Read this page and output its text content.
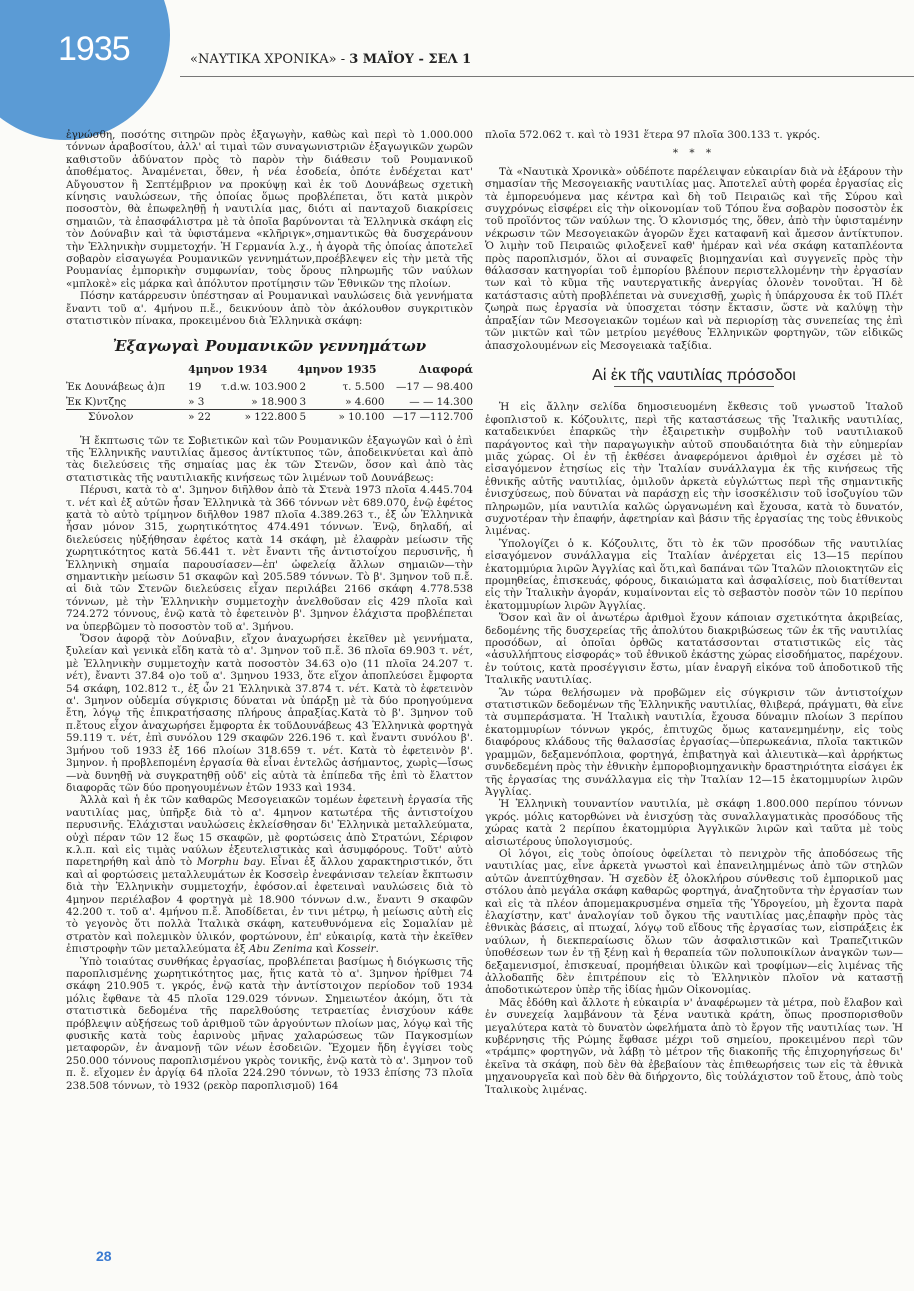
1935	«ΝΑΥΤΙΚΑ ΧΡΟΝΙΚΑ» - 3 ΜΑΪΟΥ - ΣΕΛ 1

ἐγνώσθη, ποσότης σιτηρῶν πρὸς ἐξαγωγὴν, καθὼς καὶ περὶ τὸ 1.000.000 τόννων ἀραβοσίτου, ἀλλ' αἱ τιμαὶ τῶν συναγωνιστριῶν ἐξαγωγικῶν χωρῶν καθιστοῦν ἀδύνατον πρὸς τὸ παρὸν τὴν διάθεσιν τοῦ Ρουμανικοῦ ἀποθέματος. Ἀναμένεται, ὅθεν, ἡ νέα ἐσοδεία, ὁπότε ἐνδέχεται κατ' Αὔγουστον ἢ Σεπτέμβριον να προκύψῃ καὶ ἐκ τοῦ Δουνάβεως σχετικὴ κίνησις ναυλώσεων, τῆς ὁποίας ὅμως προβλέπεται, ὅτι κατὰ μικρὸν ποσοστὸν, θὰ ἐπωφεληθῇ ἡ ναυτιλία μας, διότι αἱ πανταχοῦ διακρίσεις σημαιῶν, τὰ ἐπασφάλιστρα μὲ τὰ ὁποῖα βαρύνονται τὰ Ἑλληνικὰ σκάφη εἰς τὸν Δούναβιν καὶ τὰ ὑφιστάμενα «κλῆριγκ»,σημαντικῶς θὰ δυσχεράνουν τὴν Ἑλληνικὴν συμμετοχήν. Ἡ Γερμανία λ.χ., ἡ ἀγορὰ τῆς ὁποίας ἀποτελεῖ σοβαρὸν εἰσαγωγέα Ρουμανικῶν γεννημάτων,προέβλεψεν εἰς τὴν μετὰ τῆς Ρουμανίας ἐμπορικὴν συμφωνίαν, τοὺς ὅρους πληρωμῆς τῶν ναύλων «μπλοκὲ» εἰς μάρκα καὶ ἀπόλυτον προτίμησιν τῶν Ἐθνικῶν της πλοίων.

Πόσην κατάρρευσιν ὑπέστησαν αἱ Ρουμανικαὶ ναυλώσεις διὰ γεννήματα ἔναντι τοῦ α'. 4μήνου π.ἔ., δεικνύουν ἀπὸ τὸν ἀκόλουθον συγκριτικὸν στατιστικὸν πίνακα, προκειμένου διὰ Ἑλληνικὰ σκάφη:

Ἐξαγωγαὶ Ρουμανικῶν γεννημάτων
	4μηνον 1934		4μηνον 1935		Διαφορά
Ἐκ Δουνάβεως ἀ)π	19	τ.d.w. 103.900	2	τ. 5.500	—17 — 98.400
Ἐκ Κ)ντζης	» 3	» 18.900	3	» 4.600	— — 14.300
Σύνολον	» 22	» 122.800	5	» 10.100	—17 —112.700

Ἡ ἔκπτωσις τῶν τε Σοβιετικῶν καὶ τῶν Ρουμανικῶν ἐξαγωγῶν καὶ ὁ ἐπὶ τῆς Ἑλληνικῆς ναυτιλίας ἄμεσος ἀντίκτυπος τῶν, ἀποδεικνύεται καὶ ἀπὸ τὰς διελεύσεις τῆς σημαίας μας ἐκ τῶν Στενῶν, ὅσον καὶ ἀπὸ τὰς στατιστικὰς τῆς ναυτιλιακῆς κινήσεως τῶν λιμένων τοῦ Δουνάβεως:

Πέρυσι, κατὰ τὸ α'. 3μηνον διῆλθον ἀπὸ τὰ Στενὰ 1973 πλοῖα 4.445.704 τ. νέτ καὶ ἐξ αὐτῶν ἦσαν Ἑλληνικὰ τὰ 366 τόννων νὲτ 689.070, ἐνῷ ἐφέτος κατὰ τὸ αὐτὸ τρίμηνον διῆλθον 1987 πλοῖα 4.389.263 τ., ἐξ ὧν Ἑλληνικὰ ἦσαν μόνον 315, χωρητικότητος 474.491 τόννων. Ἐνῷ, δηλαδή, αἱ διελεύσεις ηὐξήθησαν ἐφέτος κατὰ 14 σκάφη, μὲ ἐλαφρὰν μείωσιν τῆς χωρητικότητος κατὰ 56.441 τ. νὲτ ἔναντι τῆς ἀντιστοίχου περυσινῆς, ἡ Ἑλληνικὴ σημαία παρουσίασεν—ἐπ' ὠφελείᾳ ἄλλων σημαιῶν—τὴν σημαντικὴν μείωσιν 51 σκαφῶν καὶ 205.589 τόννων. Τὸ β'. 3μηνον τοῦ π.ἔ. αἱ διὰ τῶν Στενῶν διελεύσεις εἶχαν περιλάβει 2166 σκάφη 4.778.538 τόννων, μὲ τὴν Ἑλληνικὴν συμμετοχὴν ἀνελθοῦσαν εἰς 429 πλοῖα καὶ 724.272 τόννους, ἐνῷ κατὰ τὸ ἐφετεινὸν β'. 3μηνον ἐλάχιστα προβλέπεται να ὑπερβῶμεν τὸ ποσοστὸν τοῦ α'. 3μήνου.

Ὅσον ἀφορᾷ τὸν Δούναβιν, εἴχον ἀναχωρήσει ἐκεῖθεν μὲ γεννήματα, ξυλείαν καὶ γενικὰ εἴδη κατὰ τὸ α'. 3μηνον τοῦ π.ἔ. 36 πλοῖα 69.903 τ. νέτ, μὲ Ἑλληνικὴν συμμετοχὴν κατὰ ποσοστὸν 34.63 ο)ο (11 πλοῖα 24.207 τ. νέτ), ἔναντι 37.84 ο)ο τοῦ α'. 3μηνου 1933, ὅτε εἴχον ἀποπλεύσει ἔμφορτα 54 σκάφη, 102.812 τ., ἐξ ὧν 21 Ἑλληνικὰ 37.874 τ. νέτ. Κατὰ τὸ ἐφετεινὸν α'. 3μηνον οὐδεμία σύγκρισις δύναται νὰ ὑπάρξῃ μὲ τὰ δύο προηγούμενα ἔτη, λόγῳ τῆς ἐπικρατήσασης πλήρους ἀπραξίας.Κατὰ τὸ β'. 3μηνον τοῦ π.ἔτους εἶχον ἀναχωρήσει ἔμφορτα ἐκ τοῦΔουνάβεως 43 Ἑλληνικὰ φορτηγὰ 59.119 τ. νέτ, ἐπὶ συνόλου 129 σκαφῶν 226.196 τ. καὶ ἔναντι συνόλου β'. 3μήνου τοῦ 1933 ἐξ 166 πλοίων 318.659 τ. νέτ. Κατὰ τὸ ἐφετεινὸν β'. 3μηνον. ἡ προβλεπομένη ἐργασία θὰ εἶναι ἐντελῶς ἀσήμαντος, χωρὶς—ἴσως—νὰ δυνηθῇ νὰ συγκρατηθῇ οὐδ' εἰς αὐτὰ τὰ ἐπίπεδα τῆς ἐπὶ τὸ ἔλαττον διαφορᾶς τῶν δύο προηγουμένων ἐτῶν 1933 καὶ 1934.

Ἀλλὰ καὶ ἡ ἐκ τῶν καθαρῶς Μεσογειακῶν τομέων ἐφετεινὴ ἐργασία τῆς ναυτιλίας μας, ὑπῆρξε διὰ τὸ α'. 4μηνον κατωτέρα τῆς ἀντιστοίχου περυσινῆς. Ἐλάχισται ναυλώσεις ἐκλείσθησαν δι' Ἑλληνικὰ μεταλλεύματα, οὐχὶ πέραν τῶν 12 ἕως 15 σκαφῶν, μὲ φορτώσεις ἀπὸ Στρατώνι, Σέριφον κ.λ.π. καὶ εἰς τιμὰς ναύλων ἐξευτελιστικὰς καὶ ἀσυμφόρους. Τοῦτ' αὐτὸ παρετηρήθη καὶ ἀπὸ τὸ Morphu bay. Εἶναι ἐξ ἄλλου χαρακτηριστικόν, ὅτι καὶ αἱ φορτώσεις μεταλλευμάτων ἐκ Κοσσεὶρ ἐνεφάνισαν τελείαν ἔκπτωσιν διὰ τὴν Ἑλληνικὴν συμμετοχήν, ἐφόσον.αἱ ἐφετειναὶ ναυλώσεις διὰ τὸ 4μηνον περιέλαβον 4 φορτηγὰ μὲ 18.900 τόννων d.w., ἔναντι 9 σκαφῶν 42.200 τ. τοῦ α'. 4μήνου π.ἔ. Ἀποδίδεται, ἐν τινι μέτρῳ, ἡ μείωσις αὐτὴ εἰς τὸ γεγονὸς ὅτι πολλὰ Ἰταλικὰ σκάφη, κατευθυνόμενα εἰς Σομαλίαν μὲ στρατὸν καὶ πολεμικὸν ὑλικόν, φορτώνουν, ἐπ' εὐκαιρίᾳ, κατὰ τὴν ἐκεῖθεν ἐπιστροφὴν τῶν μεταλλεύματα ἐξ Abu Zenima καὶ Kosseir.

Ὑπὸ τοιαύτας συνθήκας ἐργασίας, προβλέπεται βασίμως ἡ διόγκωσις τῆς παροπλισμένης χωρητικότητος μας, ἥτις κατὰ τὸ α'. 3μηνον ἠρίθμει 74 σκάφη 210.905 τ. γκρός, ἐνῷ κατὰ τὴν ἀντίστοιχον περίοδον τοῦ 1934 μόλις ἔφθανε τὰ 45 πλοῖα 129.029 τόννων. Σημειωτέον ἀκόμη, ὅτι τὰ στατιστικὰ δεδομένα τῆς παρελθούσης τετραετίας ἐνισχύουν κάθε πρόβλεψιν αὐξήσεως τοῦ ἀριθμοῦ τῶν ἀργούντων πλοίων μας, λόγῳ καὶ τῆς φυσικῆς κατὰ τοὺς ἐαρινοὺς μῆνας χαλαρώσεως τῶν Παγκοσμίων μεταφορῶν, ἐν ἀναμονῇ τῶν νέων ἐσοδειῶν. Ἔχομεν ἤδη ἐγγίσει τοὺς 250.000 τόννους παροπλισμένου γκρὸς τονικῆς, ἐνῷ κατὰ τὸ α'. 3μηνον τοῦ π. ἔ. εἴχομεν ἐν ἀργίᾳ 64 πλοῖα 224.290 τόννων, τὸ 1933 ἐπίσης 73 πλοῖα 238.508 τόννων, τὸ 1932 (ρεκὸρ παροπλισμοῦ) 164

πλοῖα 572.062 τ. καὶ τὸ 1931 ἕτερα 97 πλοῖα 300.133 τ. γκρός.

* * *

Τὰ «Ναυτικὰ Χρονικὰ» οὐδέποτε παρέλειψαν εὐκαιρίαν διὰ νὰ ἐξάρουν τὴν σημασίαν τῆς Μεσογειακῆς ναυτιλίας μας. Ἀποτελεῖ αὐτὴ φορέα ἐργασίας εἰς τὰ ἐμπορευόμενα μας κέντρα καὶ δὴ τοῦ Πειραιῶς καὶ τῆς Σύρου καὶ συγχρόνως εἰσφέρει εἰς τὴν οἰκονομίαν τοῦ Τόπου ἕνα σοβαρὸν ποσοστὸν ἐκ τοῦ προϊόντος τῶν ναύλων της. Ὁ κλονισμός της, ὅθεν, ἀπὸ τὴν ὑφισταμένην νέκρωσιν τῶν Μεσογειακῶν ἀγορῶν ἔχει καταφανῆ καὶ ἄμεσον ἀντίκτυπον. Ὁ λιμὴν τοῦ Πειραιῶς φιλοξενεῖ καθ' ἡμέραν καὶ νέα σκάφη καταπλέοντα πρὸς παροπλισμόν, ὅλοι αἱ συναφεῖς βιομηχανίαι καὶ συγγενεῖς πρὸς τὴν θάλασσαν κατηγορίαι τοῦ ἐμπορίου βλέπουν περιστελλομένην τὴν ἐργασίαν των καὶ τὸ κῦμα τῆς ναυτεργατικῆς ἀνεργίας ὁλονὲν τονοῦται. Ἡ δὲ κατάστασις αὐτὴ προβλέπεται νὰ συνεχισθῇ, χωρὶς ἡ ὑπάρχουσα ἐκ τοῦ Πλέτ ζωηρὰ πως ἐργασία νὰ ὑποσχεται τόσην ἔκτασιν, ὥστε νὰ καλύψῃ τὴν ἀπραξίαν τῶν Μεσογειακῶν τομέων καὶ νὰ περιορίσῃ τὰς συνεπείας της ἐπὶ τῶν μικτῶν καὶ τῶν μετρίου μεγέθους Ἑλληνικῶν φορτηγῶν, τῶν εἰδικῶς ἀπασχολουμένων εἰς Μεσογειακὰ ταξίδια.

Αἱ ἐκ τῆς ναυτιλίας πρόσοδοι

Ἡ εἰς ἄλλην σελίδα δημοσιευομένη ἔκθεσις τοῦ γνωστοῦ Ἰταλοῦ ἐφοπλιστοῦ κ. Κόζουλιτς, περὶ τῆς καταστάσεως τῆς Ἰταλικῆς ναυτιλίας, καταδεικνύει ἐπαρκῶς τὴν ἐξαιρετικὴν συμβολὴν τοῦ ναυτιλιακοῦ παράγοντος καὶ τὴν παραγωγικὴν αὐτοῦ σπουδαιότητα διὰ τὴν εὐημερίαν μιᾶς χώρας. Οἱ ἐν τῇ ἐκθέσει ἀναφερόμενοι ἀριθμοὶ ἐν σχέσει μὲ τὸ εἰσαγόμενον ἐτησίως εἰς τὴν Ἰταλίαν συνάλλαγμα ἐκ τῆς κινήσεως τῆς ἐθνικῆς αὐτῆς ναυτιλίας, ὁμιλοῦν ἀρκετὰ εὐγλώττως περὶ τῆς σημαντικῆς ἐνισχύσεως, ποὺ δύναται νὰ παράσχῃ εἰς τὴν ἰσοσκέλισιν τοῦ ἰσοζυγίου τῶν πληρωμῶν, μία ναυτιλία καλῶς ὠργανωμένη καὶ ἔχουσα, κατὰ τὸ δυνατόν, συχνοτέραν τὴν ἐπαφήν, ἀφετηρίαν καὶ βάσιν τῆς ἐργασίας της τοὺς ἐθνικοὺς λιμένας.

Ὑπολογίζει ὁ κ. Κόζουλιτς, ὅτι τὸ ἐκ τῶν προσόδων τῆς ναυτιλίας εἰσαγόμενον συνάλλαγμα εἰς Ἰταλίαν ἀνέρχεται εἰς 13—15 περίπου ἑκατομμύρια λιρῶν Ἀγγλίας καὶ ὅτι,καὶ δαπάναι τῶν Ἰταλῶν πλοιοκτητῶν εἰς προμηθείας, ἐπισκευάς, φόρους, δικαιώματα καὶ ἀσφαλίσεις, ποὺ διατίθενται εἰς τὴν Ἰταλικὴν ἀγοράν, κυμαίνονται εἰς τὸ σεβαστὸν ποσὸν τῶν 10 περίπου ἑκατομμυρίων λιρῶν Ἀγγλίας.

Ὅσον καὶ ἂν οἱ ἀνωτέρω ἀριθμοὶ ἔχουν κάποιαν σχετικότητα ἀκριβείας, δεδομένης τῆς δυσχερείας τῆς ἀπολύτου διακριβώσεως τῶν ἐκ τῆς ναυτιλίας προσόδων, αἱ ὁποῖαι ὀρθῶς κατατάσσονται στατιστικῶς εἰς τὰς «ἀσυλλήπτους εἰσφοράς» τοῦ ἐθνικοῦ ἐκάστης χώρας εἰσοδήματος, παρέχουν. ἐν τούτοις, κατὰ προσέγγισιν ἔστω, μίαν ἐναργῆ εἰκόνα τοῦ ἀποδοτικοῦ τῆς Ἰταλικῆς ναυτιλίας.

Ἂν τώρα θελήσωμεν νὰ προβῶμεν εἰς σύγκρισιν τῶν ἀντιστοίχων στατιστικῶν δεδομένων τῆς Ἑλληνικῆς ναυτιλίας, θλιβερά, πράγματι, θὰ εἶνε τὰ συμπεράσματα. Ἡ Ἰταλικὴ ναυτιλία, ἔχουσα δύναμιν πλοίων 3 περίπου ἑκατομμυρίων τόννων γκρός, ἐπιτυχῶς ὅμως κατανεμημένην, εἰς τοὺς διαφόρους κλάδους τῆς θαλασσίας ἐργασίας—ὑπερωκεάνια, πλοῖα τακτικῶν γραμμῶν, δεξαμενόπλοια, φορτηγά, ἐπιβατηγὰ καὶ ἁλιευτικὰ—καὶ ἀρρήκτως συνδεδεμένη πρὸς τὴν ἐθνικὴν ἐμποροβιομηχανικὴν δραστηριότητα εἰσάγει ἐκ τῆς ἐργασίας της συνάλλαγμα εἰς τὴν Ἰταλίαν 12—15 ἑκατομμυρίων λιρῶν Ἀγγλίας.

Ἡ Ἑλληνικὴ τουναντίον ναυτιλία, μὲ σκάφη 1.800.000 περίπου τόννων γκρός. μόλις κατορθώνει νὰ ἐνισχύσῃ τὰς συναλλαγματικὰς προσόδους τῆς χώρας κατὰ 2 περίπου ἑκατομμύρια Ἀγγλικῶν λιρῶν καὶ ταῦτα μὲ τοὺς αἰσιωτέρους ὑπολογισμούς.

Οἱ λόγοι, εἰς τοὺς ὁποίους ὀφείλεται τὸ πενιχρὸν τῆς ἀποδόσεως τῆς ναυτιλίας μας, εἶνε ἀρκετὰ γνωστοὶ καὶ ἐπανειλημμένως ἀπὸ τῶν στηλῶν αὐτῶν ἀνεπτύχθησαν. Ἡ σχεδὸν ἐξ ὁλοκλήρου σύνθεσις τοῦ ἐμπορικοῦ μας στόλου ἀπὸ μεγάλα σκάφη καθαρῶς φορτηγά, ἀναζητοῦντα τὴν ἐργασίαν των καὶ εἰς τὰ πλέον ἀπομεμακρυσμένα σημεῖα τῆς Ὑδρογείου, μὴ ἔχοντα παρὰ ἐλαχίστην, κατ' ἀναλογίαν τοῦ ὄγκου τῆς ναυτιλίας μας,ἐπαφὴν πρὸς τὰς ἐθνικὰς βάσεις, αἱ πτωχαί, λόγῳ τοῦ εἴδους τῆς ἐργασίας των, εἰσπράξεις ἐκ ναύλων, ἡ διεκπεραίωσις ὅλων τῶν ἀσφαλιστικῶν καὶ Τραπεζιτικῶν ὑποθέσεων των ἐν τῇ ξένῃ καὶ ἡ θεραπεία τῶν πολυποικίλων ἀναγκῶν των—δεξαμενισμοί, ἐπισκευαί, προμήθειαι ὑλικῶν καὶ τροφίμων—εἰς λιμένας τῆς ἀλλοδαπῆς δὲν ἐπιτρέπουν εἰς τὸ Ἑλληνικὸν πλοῖον νὰ καταστῇ ἀποδοτικώτερον ὑπὲρ τῆς ἰδίας ἡμῶν Οἰκονομίας.

Μᾶς ἐδόθη καὶ ἄλλοτε ἡ εὐκαιρία ν' ἀναφέρωμεν τὰ μέτρα, ποὺ ἔλαβον καὶ ἐν συνεχείᾳ λαμβάνουν τὰ ξένα ναυτικὰ κράτη, ὅπως προσπορισθοῦν μεγαλύτερα κατὰ τὸ δυνατὸν ὠφελήματα ἀπὸ τὸ ἔργον τῆς ναυτιλίας των. Ἡ κυβέρνησις τῆς Ρώμης ἔφθασε μέχρι τοῦ σημείου, προκειμένου περὶ τῶν «τράμπς» φορτηγῶν, νὰ λάβῃ τὸ μέτρον τῆς διακοπῆς τῆς ἐπιχορηγήσεως δι' ἐκεῖνα τὰ σκάφη, ποὺ δὲν θὰ ἐβεβαίουν τὰς ἐπιθεωρήσεις των εἰς τὰ ἐθνικὰ μηχανουργεῖα καὶ ποὺ δὲν θὰ διήρχοντο, δὶς τοὐλάχιστον τοῦ ἔτους, ἀπὸ τοὺς Ἰταλικοὺς λιμένας.

28
